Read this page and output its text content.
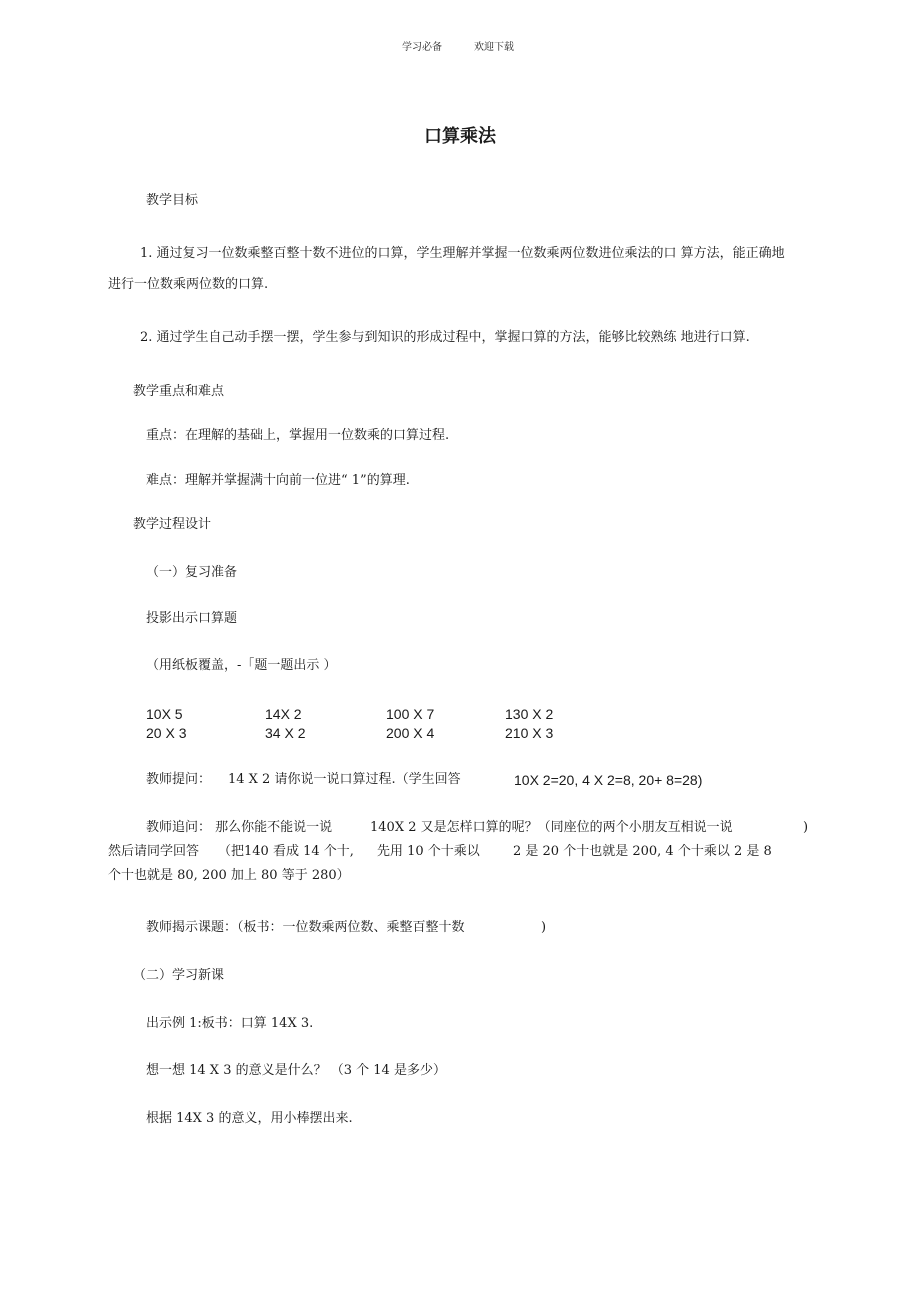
学习必备	欢迎下载
口算乘法
教学目标
1. 通过复习一位数乘整百整十数不进位的口算，学生理解并掌握一位数乘两位数进位乘法的口 算方法，能正确地
进行一位数乘两位数的口算.
2. 通过学生自己动手摆一摆，学生参与到知识的形成过程中，掌握口算的方法，能够比较熟练 地进行口算.
教学重点和难点
重点：在理解的基础上，掌握用一位数乘的口算过程.
难点：理解并掌握满十向前一位进“ 1”的算理.
教学过程设计
（一）复习准备
投影出示口算题
（用纸板覆盖，-「题一题出示 ）
10X 5	14X 2	100 X 7	130 X 2
20 X 3	34 X 2	200 X 4	210 X 3
教师提问： 14 X 2 请你说一说口算过程.（学生回答	10X 2=20, 4 X 2=8, 20+ 8=28)
教师追问： 那么你能不能说一说	140X 2 又是怎样口算的呢？（同座位的两个小朋友互相说一说	)
然后请同学回答 （把140 看成 14 个十, 先用 10 个十乘以	2 是 20 个十也就是 200, 4 个十乘以 2 是 8
个十也就是 80, 200 加上 80 等于 280）
教师揭示课题：（板书：一位数乘两位数、乘整百整十数	)
（二）学习新课
出示例 1:板书：口算 14X 3.
想一想 14 X 3 的意义是什么？ （3 个 14 是多少）
根据 14X 3 的意义，用小棒摆出来.
